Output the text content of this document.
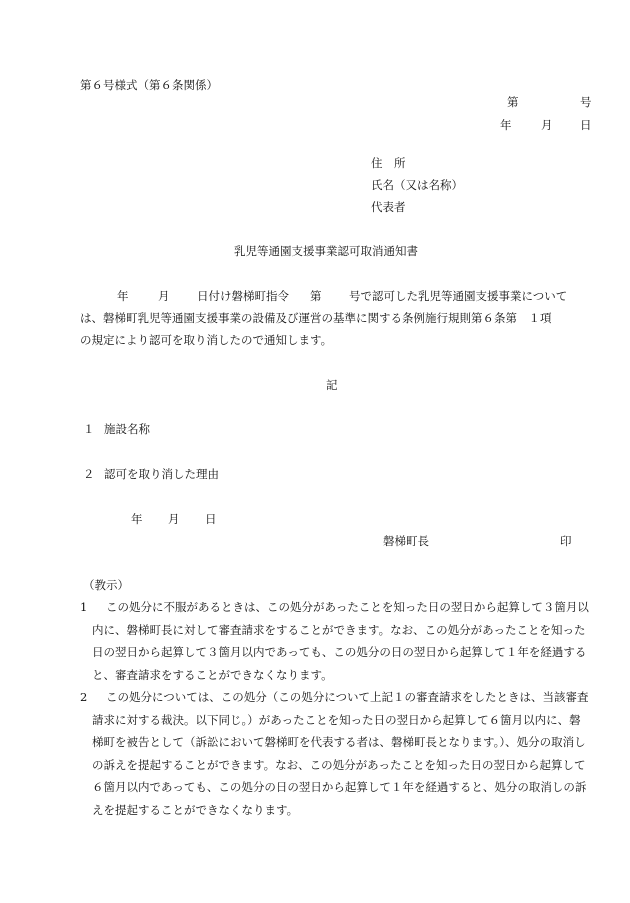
第６号様式（第６条関係）
第	号
年	月 日
住　所
氏名（又は名称）
代表者
乳児等通園支援事業認可取消通知書
年	月 日付け磐梯町指令 第 号で認可した乳児等通園支援事業について
は、磐梯町乳児等通園支援事業の設備及び運営の基準に関する条例施行規則第６条第　１項
の規定により認可を取り消したので通知します。
記
１ 施設名称
２ 認可を取り消した理由
年 月 日
磐梯町長	印
（教示）
1	この処分に不服があるときは、この処分があったことを知った日の翌日から起算して３箇月以内に、磐梯町長に対して審査請求をすることができます。なお、この処分があったことを知った日の翌日から起算して３箇月以内であっても、この処分の日の翌日から起算して１年を経過すると、審査請求をすることができなくなります。
2	この処分については、この処分（この処分について上記１の審査請求をしたときは、当該審査請求に対する裁決。以下同じ。）があったことを知った日の翌日から起算して６箇月以内に、磐梯町を被告として（訴訟において磐梯町を代表する者は、磐梯町長となります。）、処分の取消しの訴えを提起することができます。なお、この処分があったことを知った日の翌日から起算して６箇月以内であっても、この処分の日の翌日から起算して１年を経過すると、処分の取消しの訴えを提起することができなくなります。
